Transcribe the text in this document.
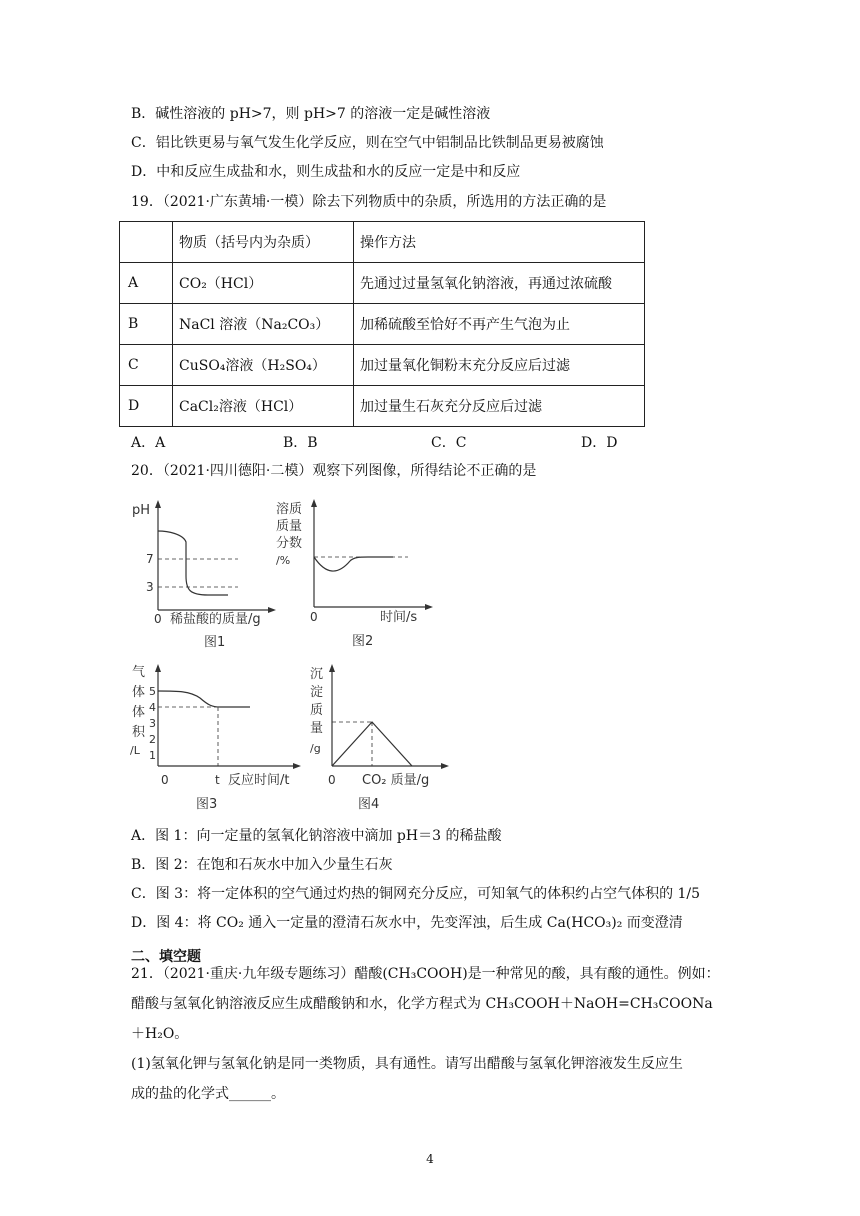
B．碱性溶液的 pH>7，则 pH>7 的溶液一定是碱性溶液
C．铝比铁更易与氧气发生化学反应，则在空气中铝制品比铁制品更易被腐蚀
D．中和反应生成盐和水，则生成盐和水的反应一定是中和反应
19．（2021·广东黄埔·一模）除去下列物质中的杂质，所选用的方法正确的是
	物质（括号内为杂质）	操作方法
A	CO₂（HCl）	先通过过量氢氧化钠溶液，再通过浓硫酸
B	NaCl 溶液（Na₂CO₃）	加稀硫酸至恰好不再产生气泡为止
C	CuSO₄溶液（H₂SO₄）	加过量氧化铜粉末充分反应后过滤
D	CaCl₂溶液（HCl）	加过量生石灰充分反应后过滤
A．A	B．B	C．C	D．D
20．（2021·四川德阳·二模）观察下列图像，所得结论不正确的是
pH
7
3
0 稀盐酸的质量/g
图1
溶质
质量
分数
/%
0	时间/s
图2
气
体
体
积
/L
5
4
3
2
1
0	t 反应时间/t
图3
沉
淀
质
量
/g
0 CO₂ 质量/g
图4
A．图 1：向一定量的氢氧化钠溶液中滴加 pH＝3 的稀盐酸
B．图 2：在饱和石灰水中加入少量生石灰
C．图 3：将一定体积的空气通过灼热的铜网充分反应，可知氧气的体积约占空气体积的 1/5
D．图 4：将 CO₂ 通入一定量的澄清石灰水中，先变浑浊，后生成 Ca(HCO₃)₂ 而变澄清
二、填空题
21．（2021·重庆·九年级专题练习）醋酸(CH₃COOH)是一种常见的酸，具有酸的通性。例如：
醋酸与氢氧化钠溶液反应生成醋酸钠和水，化学方程式为 CH₃COOH＋NaOH=CH₃COONa
＋H₂O。
(1)氢氧化钾与氢氧化钠是同一类物质，具有通性。请写出醋酸与氢氧化钾溶液发生反应生
成的盐的化学式______。
4
